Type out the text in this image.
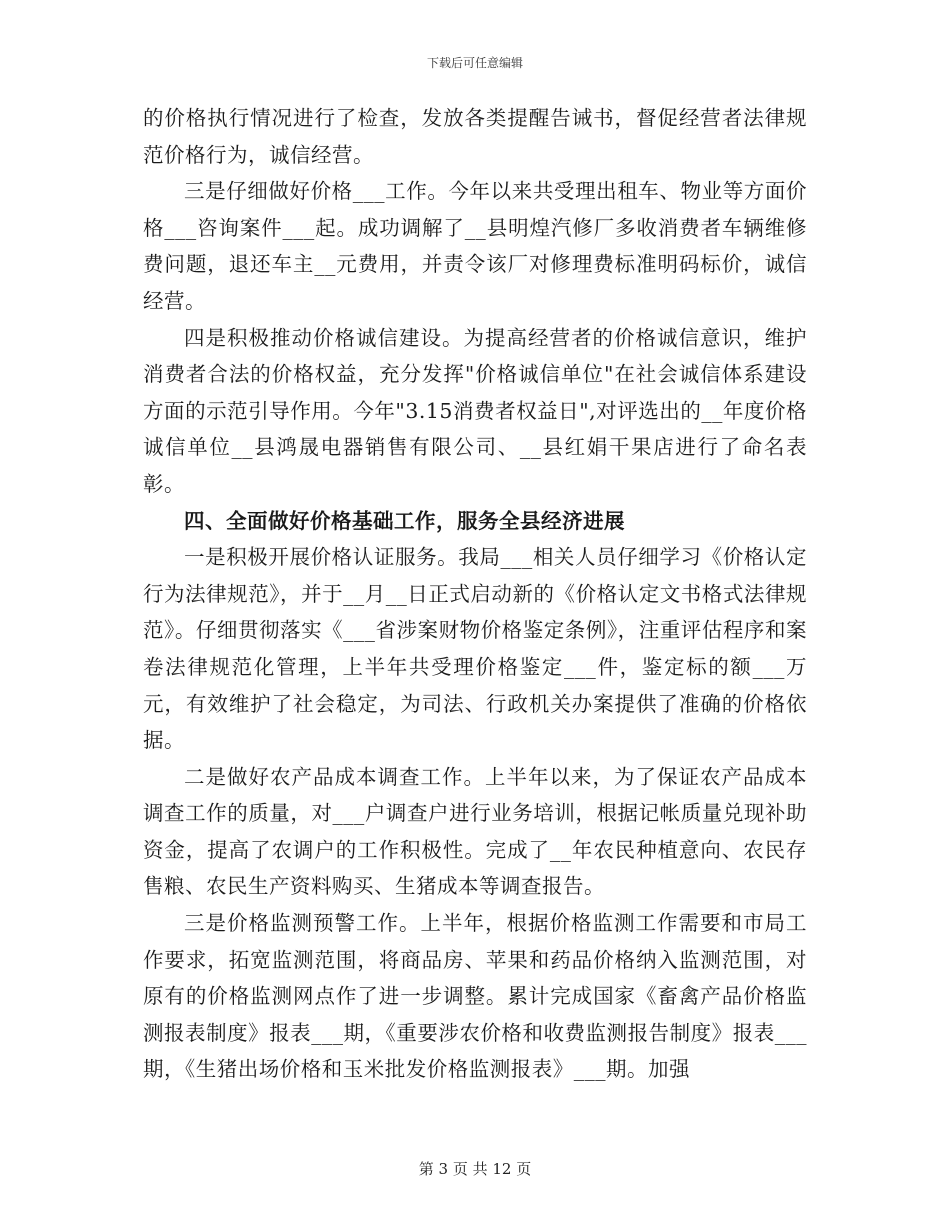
下载后可任意编辑

的价格执行情况进行了检查，发放各类提醒告诫书，督促经营者法律规范价格行为，诚信经营。

三是仔细做好价格___工作。今年以来共受理出租车、物业等方面价格___咨询案件___起。成功调解了__县明煌汽修厂多收消费者车辆维修费问题，退还车主__元费用，并责令该厂对修理费标准明码标价，诚信经营。

四是积极推动价格诚信建设。为提高经营者的价格诚信意识，维护消费者合法的价格权益，充分发挥"价格诚信单位"在社会诚信体系建设方面的示范引导作用。今年"3.15消费者权益日",对评选出的__年度价格诚信单位__县鸿晟电器销售有限公司、__县红娟干果店进行了命名表彰。

四、全面做好价格基础工作，服务全县经济进展

一是积极开展价格认证服务。我局___相关人员仔细学习《价格认定行为法律规范》，并于__月__日正式启动新的《价格认定文书格式法律规范》。仔细贯彻落实《___省涉案财物价格鉴定条例》，注重评估程序和案卷法律规范化管理，上半年共受理价格鉴定___件，鉴定标的额___万元，有效维护了社会稳定，为司法、行政机关办案提供了准确的价格依据。

二是做好农产品成本调查工作。上半年以来，为了保证农产品成本调查工作的质量，对___户调查户进行业务培训，根据记帐质量兑现补助资金，提高了农调户的工作积极性。完成了__年农民种植意向、农民存售粮、农民生产资料购买、生猪成本等调查报告。

三是价格监测预警工作。上半年，根据价格监测工作需要和市局工作要求，拓宽监测范围，将商品房、苹果和药品价格纳入监测范围，对原有的价格监测网点作了进一步调整。累计完成国家《畜禽产品价格监测报表制度》报表___期，《重要涉农价格和收费监测报告制度》报表___期，《生猪出场价格和玉米批发价格监测报表》___期。加强

第 3 页 共 12 页
